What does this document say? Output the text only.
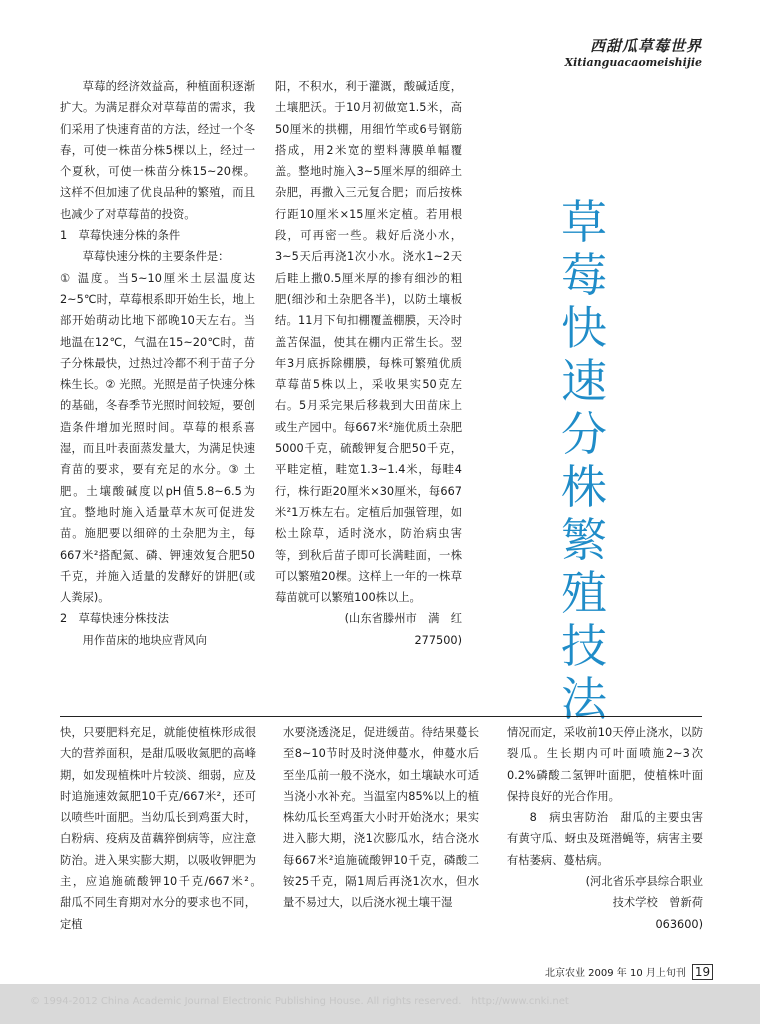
西甜瓜草莓世界
Xitianguacaomeishijie
草
莓
快
速
分
株
繁
殖
技
法

草莓的经济效益高，种植面积逐渐扩大。为满足群众对草莓苗的需求，我们采用了快速育苗的方法，经过一个冬春，可使一株苗分株5棵以上，经过一个夏秋，可使一株苗分株15~20棵。这样不但加速了优良品种的繁殖，而且也减少了对草莓苗的投资。

1　草莓快速分株的条件

草莓快速分株的主要条件是：

① 温度。当5~10厘米土层温度达2~5℃时，草莓根系即开始生长，地上部开始萌动比地下部晚10天左右。当地温在12℃，气温在15~20℃时，苗子分株最快，过热过冷都不利于苗子分株生长。② 光照。光照是苗子快速分株的基础，冬春季节光照时间较短，要创造条件增加光照时间。草莓的根系喜湿，而且叶表面蒸发量大，为满足快速育苗的要求，要有充足的水分。③ 土肥。土壤酸碱度以pH值5.8~6.5为宜。整地时施入适量草木灰可促进发苗。施肥要以细碎的土杂肥为主，每667米²搭配氮、磷、钾速效复合肥50千克，并施入适量的发酵好的饼肥(或人粪尿)。

2　草莓快速分株技法

用作苗床的地块应背风向

阳，不积水，利于灌溉，酸碱适度，土壤肥沃。于10月初做宽1.5米，高50厘米的拱棚，用细竹竿或6号钢筋搭成，用2米宽的塑料薄膜单幅覆盖。整地时施入3~5厘米厚的细碎土杂肥，再撒入三元复合肥；而后按株行距10厘米×15厘米定植。若用根段，可再密一些。栽好后浇小水，3~5天后再浇1次小水。浇水1~2天后畦上撒0.5厘米厚的掺有细沙的粗肥(细沙和土杂肥各半)，以防土壤板结。11月下旬扣棚覆盖棚膜，天冷时盖苫保温，使其在棚内正常生长。翌年3月底拆除棚膜，每株可繁殖优质草莓苗5株以上，采收果实50克左右。5月采完果后移栽到大田苗床上或生产园中。每667米²施优质土杂肥5000千克，硫酸钾复合肥50千克，平畦定植，畦宽1.3~1.4米，每畦4行，株行距20厘米×30厘米，每667米²1万株左右。定植后加强管理，如松土除草，适时浇水，防治病虫害等，到秋后苗子即可长满畦面，一株可以繁殖20棵。这样上一年的一株草莓苗就可以繁殖100株以上。

(山东省滕州市　满　红

277500)

快，只要肥料充足，就能使植株形成很大的营养面积，是甜瓜吸收氮肥的高峰期，如发现植株叶片较淡、细弱，应及时追施速效氮肥10千克/667米²，还可以喷些叶面肥。当幼瓜长到鸡蛋大时，白粉病、疫病及苗藕猝倒病等，应注意防治。进入果实膨大期，以吸收钾肥为主，应追施硫酸钾10千克/667米²。　甜瓜不同生育期对水分的要求也不同，定植

水要浇透浇足，促进缓苗。待结果蔓长至8~10节时及时浇伸蔓水，伸蔓水后至坐瓜前一般不浇水，如土壤缺水可适当浇小水补充。当温室内85%以上的植株幼瓜长至鸡蛋大小时开始浇水；果实进入膨大期，浇1次膨瓜水，结合浇水每667米²追施硫酸钾10千克，磷酸二铵25千克，隔1周后再浇1次水，但水量不易过大，以后浇水视土壤干湿

情况而定，采收前10天停止浇水，以防裂瓜。生长期内可叶面喷施2~3次0.2%磷酸二氢钾叶面肥，使植株叶面保持良好的光合作用。

8　病虫害防治　甜瓜的主要虫害有黄守瓜、蚜虫及斑潜蝇等，病害主要有枯萎病、蔓枯病。

(河北省乐亭县综合职业

技术学校　曾新荷

063600)

北京农业 2009 年 10 月上旬刊 19
© 1994-2012 China Academic Journal Electronic Publishing House. All rights reserved.　http://www.cnki.net
